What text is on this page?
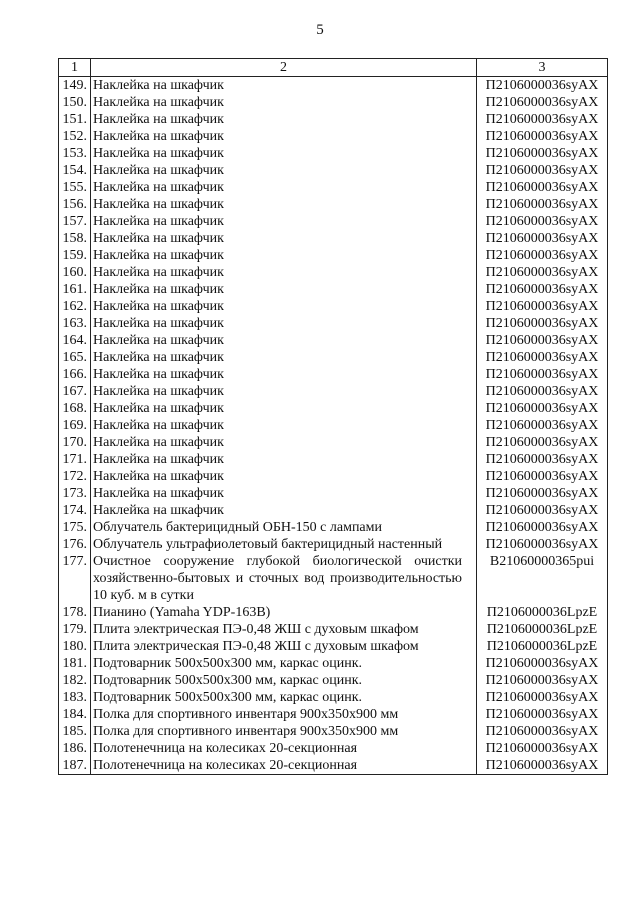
5
1	2	3
149.	Наклейка на шкафчик	П2106000036syAX
150.	Наклейка на шкафчик	П2106000036syAX
151.	Наклейка на шкафчик	П2106000036syAX
152.	Наклейка на шкафчик	П2106000036syAX
153.	Наклейка на шкафчик	П2106000036syAX
154.	Наклейка на шкафчик	П2106000036syAX
155.	Наклейка на шкафчик	П2106000036syAX
156.	Наклейка на шкафчик	П2106000036syAX
157.	Наклейка на шкафчик	П2106000036syAX
158.	Наклейка на шкафчик	П2106000036syAX
159.	Наклейка на шкафчик	П2106000036syAX
160.	Наклейка на шкафчик	П2106000036syAX
161.	Наклейка на шкафчик	П2106000036syAX
162.	Наклейка на шкафчик	П2106000036syAX
163.	Наклейка на шкафчик	П2106000036syAX
164.	Наклейка на шкафчик	П2106000036syAX
165.	Наклейка на шкафчик	П2106000036syAX
166.	Наклейка на шкафчик	П2106000036syAX
167.	Наклейка на шкафчик	П2106000036syAX
168.	Наклейка на шкафчик	П2106000036syAX
169.	Наклейка на шкафчик	П2106000036syAX
170.	Наклейка на шкафчик	П2106000036syAX
171.	Наклейка на шкафчик	П2106000036syAX
172.	Наклейка на шкафчик	П2106000036syAX
173.	Наклейка на шкафчик	П2106000036syAX
174.	Наклейка на шкафчик	П2106000036syAX
175.	Облучатель бактерицидный ОБН-150 с лампами	П2106000036syAX
176.	Облучатель ультрафиолетовый бактерицидный настенный	П2106000036syAX
177.	Очистное сооружение глубокой биологической очистки хозяйственно-бытовых и сточных вод производительностью 10 куб. м в сутки	В21060000365pui
178.	Пианино (Yamaha YDP-163B)	П2106000036LpzE
179.	Плита электрическая ПЭ-0,48 ЖШ с духовым шкафом	П2106000036LpzE
180.	Плита электрическая ПЭ-0,48 ЖШ с духовым шкафом	П2106000036LpzE
181.	Подтоварник 500х500х300 мм, каркас оцинк.	П2106000036syAX
182.	Подтоварник 500х500х300 мм, каркас оцинк.	П2106000036syAX
183.	Подтоварник 500х500х300 мм, каркас оцинк.	П2106000036syAX
184.	Полка для спортивного инвентаря 900х350х900 мм	П2106000036syAX
185.	Полка для спортивного инвентаря 900х350х900 мм	П2106000036syAX
186.	Полотенечница на колесиках 20-секционная	П2106000036syAX
187.	Полотенечница на колесиках 20-секционная	П2106000036syAX
